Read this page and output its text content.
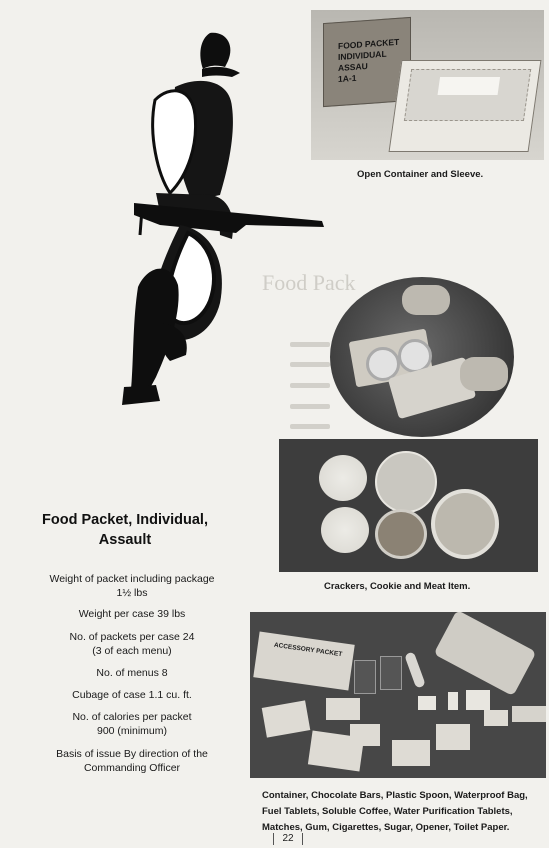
Food Pack
FOOD PACKET
INDIVIDUAL
ASSAU
1A-1
Open Container and Sleeve.
Crackers, Cookie and Meat Item.
ACCESSORY PACKET
Container, Chocolate Bars, Plastic Spoon, Waterproof Bag,
Fuel Tablets, Soluble Coffee, Water Purification Tablets,
Matches, Gum, Cigarettes, Sugar, Opener, Toilet Paper.
Food Packet, Individual,
Assault
Weight of packet including package
1½ lbs
Weight per case 39 lbs
No. of packets per case 24
(3 of each menu)
No. of menus 8
Cubage of case 1.1 cu. ft.
No. of calories per packet
900 (minimum)
Basis of issue By direction of the
Commanding Officer
22
